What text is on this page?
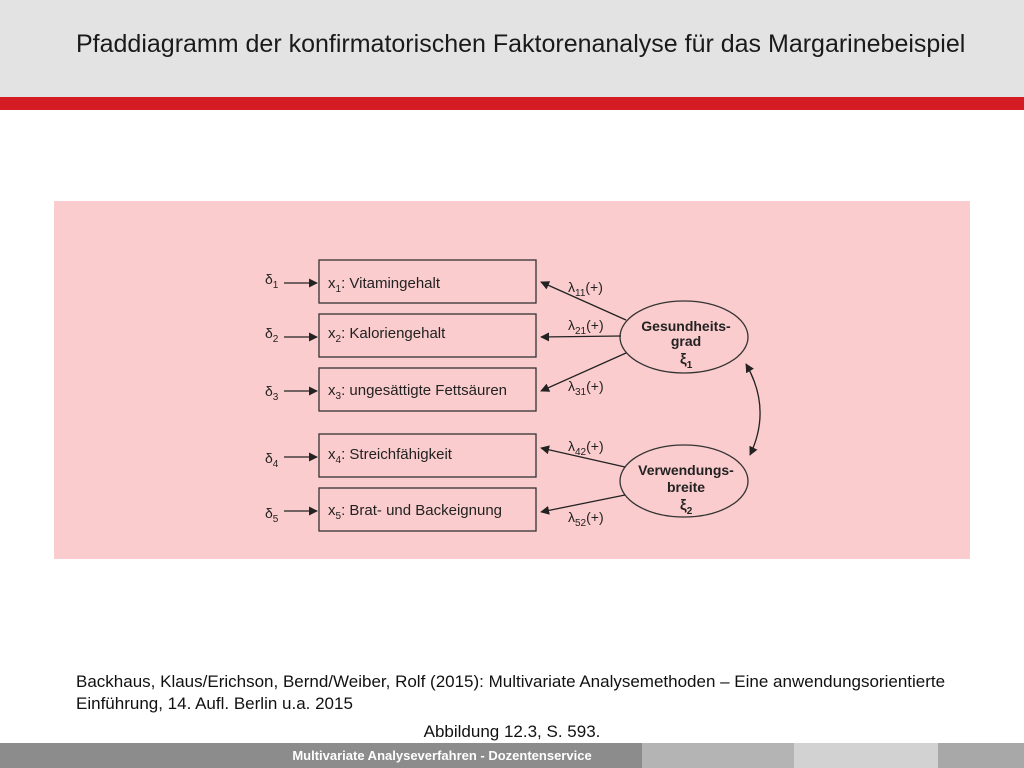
Pfaddiagramm der konfirmatorischen Faktorenanalyse für das Margarinebeispiel
$x_1$: Vitamingehalt
$x_2$: Kaloriengehalt
$x_3$: ungesättigte Fettsäuren
$x_4$: Streichfähigkeit
$x_5$: Brat- und Backeignung
$\delta_1$
$\delta_2$
$\delta_3$
$\delta_4$
$\delta_5$
Gesundheits-
grad
$\xi_1$
Verwendungs-
breite
$\xi_2$
$\lambda_{11}(+)$
$\lambda_{21}(+)$
$\lambda_{31}(+)$
$\lambda_{42}(+)$
$\lambda_{52}(+)$
Backhaus, Klaus/Erichson, Bernd/Weiber, Rolf (2015): Multivariate Analysemethoden – Eine anwendungsorientierte Einführung, 14. Aufl. Berlin u.a. 2015
Abbildung 12.3, S. 593.
Multivariate Analyseverfahren - Dozentenservice
